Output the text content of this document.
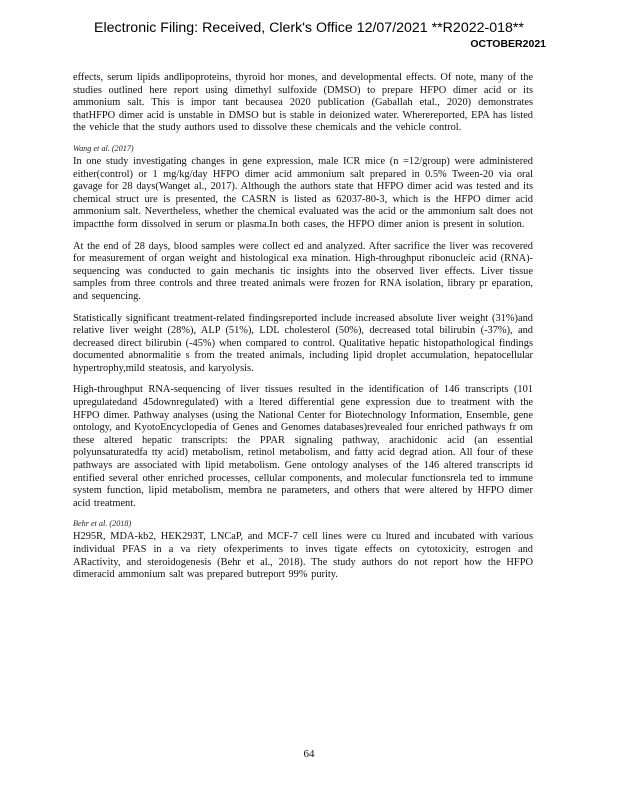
Electronic Filing: Received, Clerk's Office 12/07/2021 **R2022-018**
OCTOBER2021

effects, serum lipids andlipoproteins, thyroid hor mones, and developmental effects. Of note, many of the studies outlined here report using dimethyl sulfoxide (DMSO) to prepare HFPO dimer acid or its ammonium salt. This is impor tant becausea 2020 publication (Gaballah etal., 2020) demonstrates thatHFPO dimer acid is unstable in DMSO but is stable in deionized water. Wherereported, EPA has listed the vehicle that the study authors used to dissolve these chemicals and the vehicle control.

Wang et al. (2017)

In one study investigating changes in gene expression, male ICR mice (n =12/group) were administered either(control) or 1 mg/kg/day HFPO dimer acid ammonium salt prepared in 0.5% Tween-20 via oral gavage for 28 days(Wanget al., 2017). Although the authors state that HFPO dimer acid was tested and its chemical struct ure is presented, the CASRN is listed as 62037-80-3, which is the HFPO dimer acid ammonium salt. Nevertheless, whether the chemical evaluated was the acid or the ammonium salt does not impactthe form dissolved in serum or plasma.In both cases, the HFPO dimer anion is present in solution.

At the end of 28 days, blood samples were collect ed and analyzed. After sacrifice the liver was recovered for measurement of organ weight and histological exa mination. High-throughput ribonucleic acid (RNA)-sequencing was conducted to gain mechanis tic insights into the observed liver effects. Liver tissue samples from three controls and three treated animals were frozen for RNA isolation, library pr eparation, and sequencing.

Statistically significant treatment-related findingsreported include increased absolute liver weight (31%)and relative liver weight (28%), ALP (51%), LDL cholesterol (50%), decreased total bilirubin (-37%), and decreased direct bilirubin (-45%) when compared to control. Qualitative hepatic histopathological findings documented abnormalitie s from the treated animals, including lipid droplet accumulation, hepatocellular hypertrophy,mild steatosis, and karyolysis.

High-throughput RNA-sequencing of liver tissues resulted in the identification of 146 transcripts (101 upregulatedand 45downregulated) with a ltered differential gene expression due to treatment with the HFPO dimer. Pathway analyses (using the National Center for Biotechnology Information, Ensemble, gene ontology, and KyotoEncyclopedia of Genes and Genomes databases)revealed four enriched pathways fr om these altered hepatic transcripts: the PPAR signaling pathway, arachidonic acid (an essential polyunsaturatedfa tty acid) metabolism, retinol metabolism, and fatty acid degrad ation. All four of these pathways are associated with lipid metabolism. Gene ontology analyses of the 146 altered transcripts id entified several other enriched processes, cellular components, and molecular functionsrela ted to immune system function, lipid metabolism, membra ne parameters, and others that were altered by HFPO dimer acid treatment.

Behr et al. (2018)

H295R, MDA-kb2, HEK293T, LNCaP, and MCF-7 cell lines were cu ltured and incubated with various individual PFAS in a va riety ofexperiments to inves tigate effects on cytotoxicity, estrogen and ARactivity, and steroidogenesis (Behr et al., 2018). The study authors do not report how the HFPO dimeracid ammonium salt was prepared butreport 99% purity.

64
